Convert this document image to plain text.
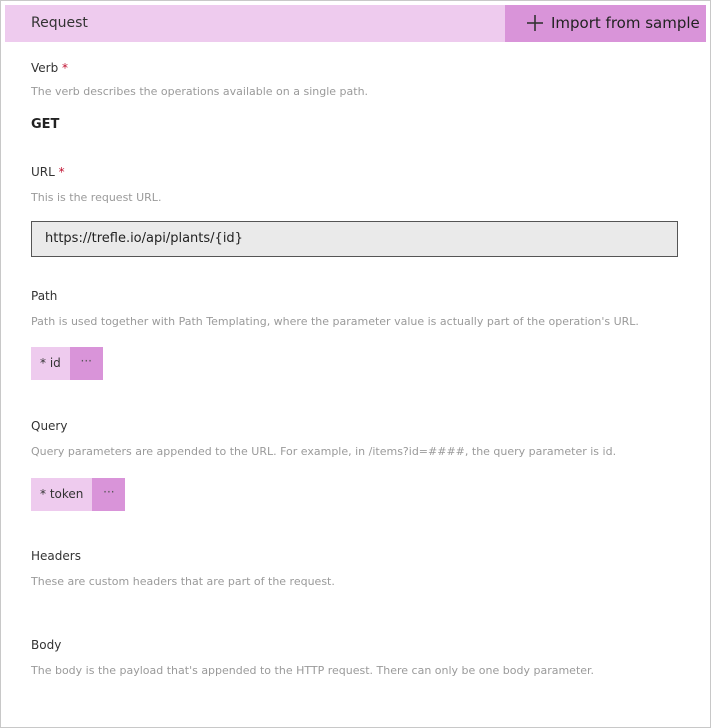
Request	Import from sample
Verb *
The verb describes the operations available on a single path.
GET
URL *
This is the request URL.
https://trefle.io/api/plants/{id}
Path
Path is used together with Path Templating, where the parameter value is actually part of the operation's URL.
* id	···
Query
Query parameters are appended to the URL. For example, in /items?id=####, the query parameter is id.
* token	···
Headers
These are custom headers that are part of the request.
Body
The body is the payload that's appended to the HTTP request. There can only be one body parameter.
